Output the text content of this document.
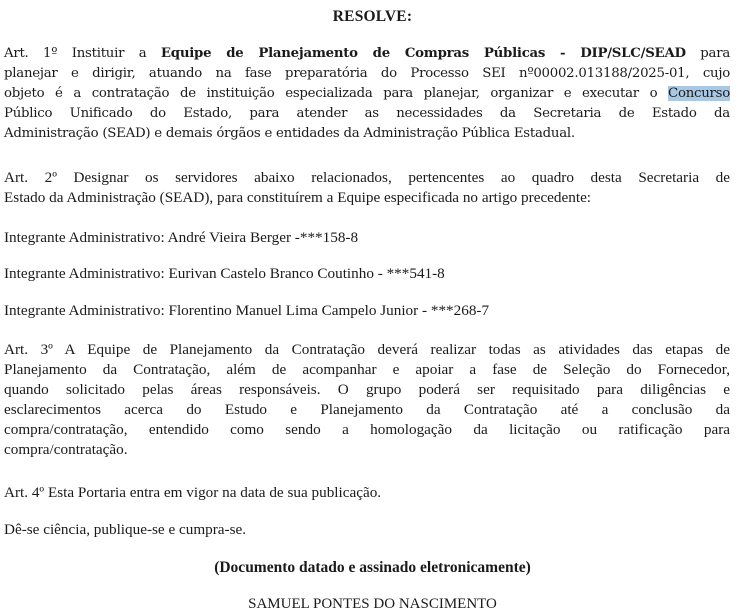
RESOLVE:
Art. 1º Instituir a Equipe de Planejamento de Compras Públicas - DIP/SLC/SEAD para
planejar e dirigir, atuando na fase preparatória do Processo SEI nº00002.013188/2025-01, cujo
objeto é a contratação de instituição especializada para planejar, organizar e executar o Concurso
Público Unificado do Estado, para atender as necessidades da Secretaria de Estado da
Administração (SEAD) e demais órgãos e entidades da Administração Pública Estadual.
Art. 2º Designar os servidores abaixo relacionados, pertencentes ao quadro desta Secretaria de
Estado da Administração (SEAD), para constituírem a Equipe especificada no artigo precedente:
Integrante Administrativo: André Vieira Berger -***158-8
Integrante Administrativo: Eurivan Castelo Branco Coutinho - ***541-8
Integrante Administrativo: Florentino Manuel Lima Campelo Junior - ***268-7
Art. 3º A Equipe de Planejamento da Contratação deverá realizar todas as atividades das etapas de
Planejamento da Contratação, além de acompanhar e apoiar a fase de Seleção do Fornecedor,
quando solicitado pelas áreas responsáveis. O grupo poderá ser requisitado para diligências e
esclarecimentos acerca do Estudo e Planejamento da Contratação até a conclusão da
compra/contratação, entendido como sendo a homologação da licitação ou ratificação para
compra/contratação.
Art. 4º Esta Portaria entra em vigor na data de sua publicação.
Dê-se ciência, publique-se e cumpra-se.
(Documento datado e assinado eletronicamente)
SAMUEL PONTES DO NASCIMENTO
